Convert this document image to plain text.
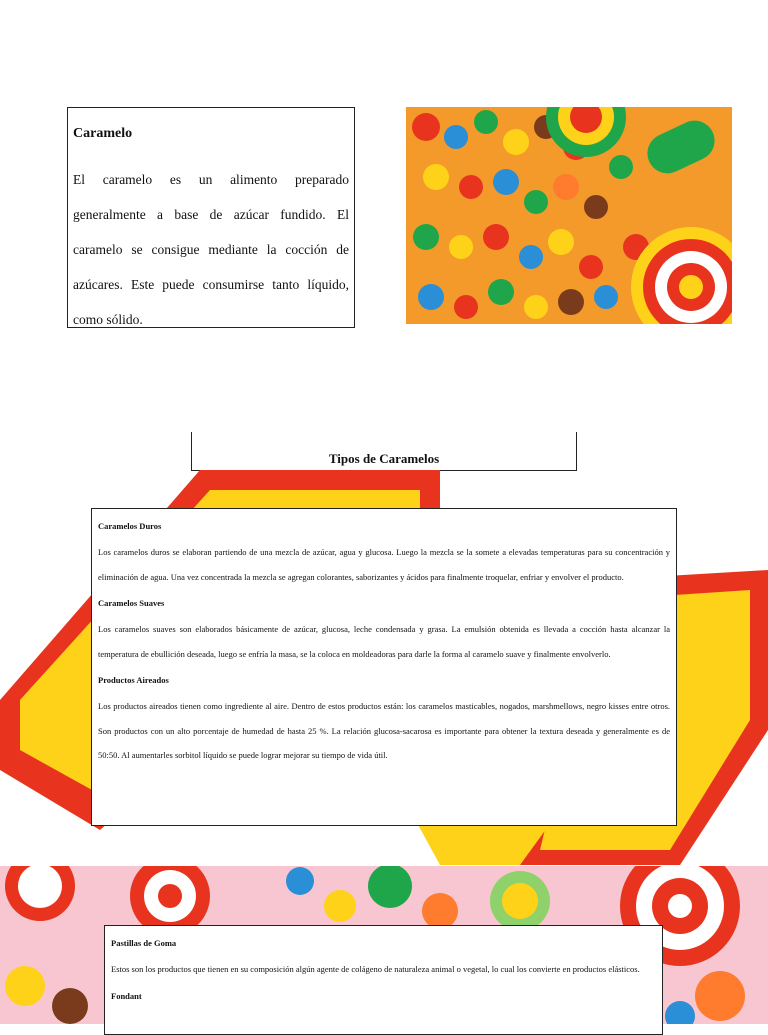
Caramelo

El caramelo es un alimento preparado generalmente a base de azúcar fundido. El caramelo se consigue mediante la cocción de azúcares. Este puede consumirse tanto líquido, como sólido.

Tipos de Caramelos
Caramelos Duros

Los caramelos duros se elaboran partiendo de una mezcla de azúcar, agua y glucosa. Luego la mezcla se la somete a elevadas temperaturas para su concentración y eliminación de agua. Una vez concentrada la mezcla se agregan colorantes, saborizantes y ácidos para finalmente troquelar, enfriar y envolver el producto.

Caramelos Suaves

Los caramelos suaves son elaborados básicamente de azúcar, glucosa, leche condensada y grasa. La emulsión obtenida es llevada a cocción hasta alcanzar la temperatura de ebullición deseada, luego se enfría la masa, se la coloca en moldeadoras para darle la forma al caramelo suave y finalmente envolverlo.

Productos Aireados

Los productos aireados tienen como ingrediente al aire. Dentro de estos productos están: los caramelos masticables, nogados, marshmellows, negro kisses entre otros. Son productos con un alto porcentaje de humedad de hasta 25 %. La relación glucosa-sacarosa es importante para obtener la textura deseada y generalmente es de 50:50. Al aumentarles sorbitol líquido se puede lograr mejorar su tiempo de vida útil.

Pastillas de Goma

Estos son los productos que tienen en su composición algún agente de colágeno de naturaleza animal o vegetal, lo cual los convierte en productos elásticos.

Fondant
